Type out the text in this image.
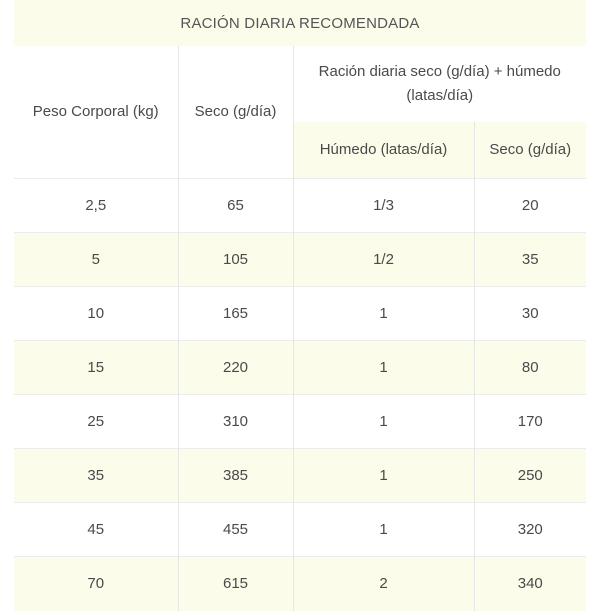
RACIÓN DIARIA RECOMENDADA			
Peso Corporal (kg)	Seco (g/día)	Ración diaria seco (g/día) + húmedo (latas/día)	
		Húmedo (latas/día)	Seco (g/día)
2,5	65	1/3	20
5	105	1/2	35
10	165	1	30
15	220	1	80
25	310	1	170
35	385	1	250
45	455	1	320
70	615	2	340
